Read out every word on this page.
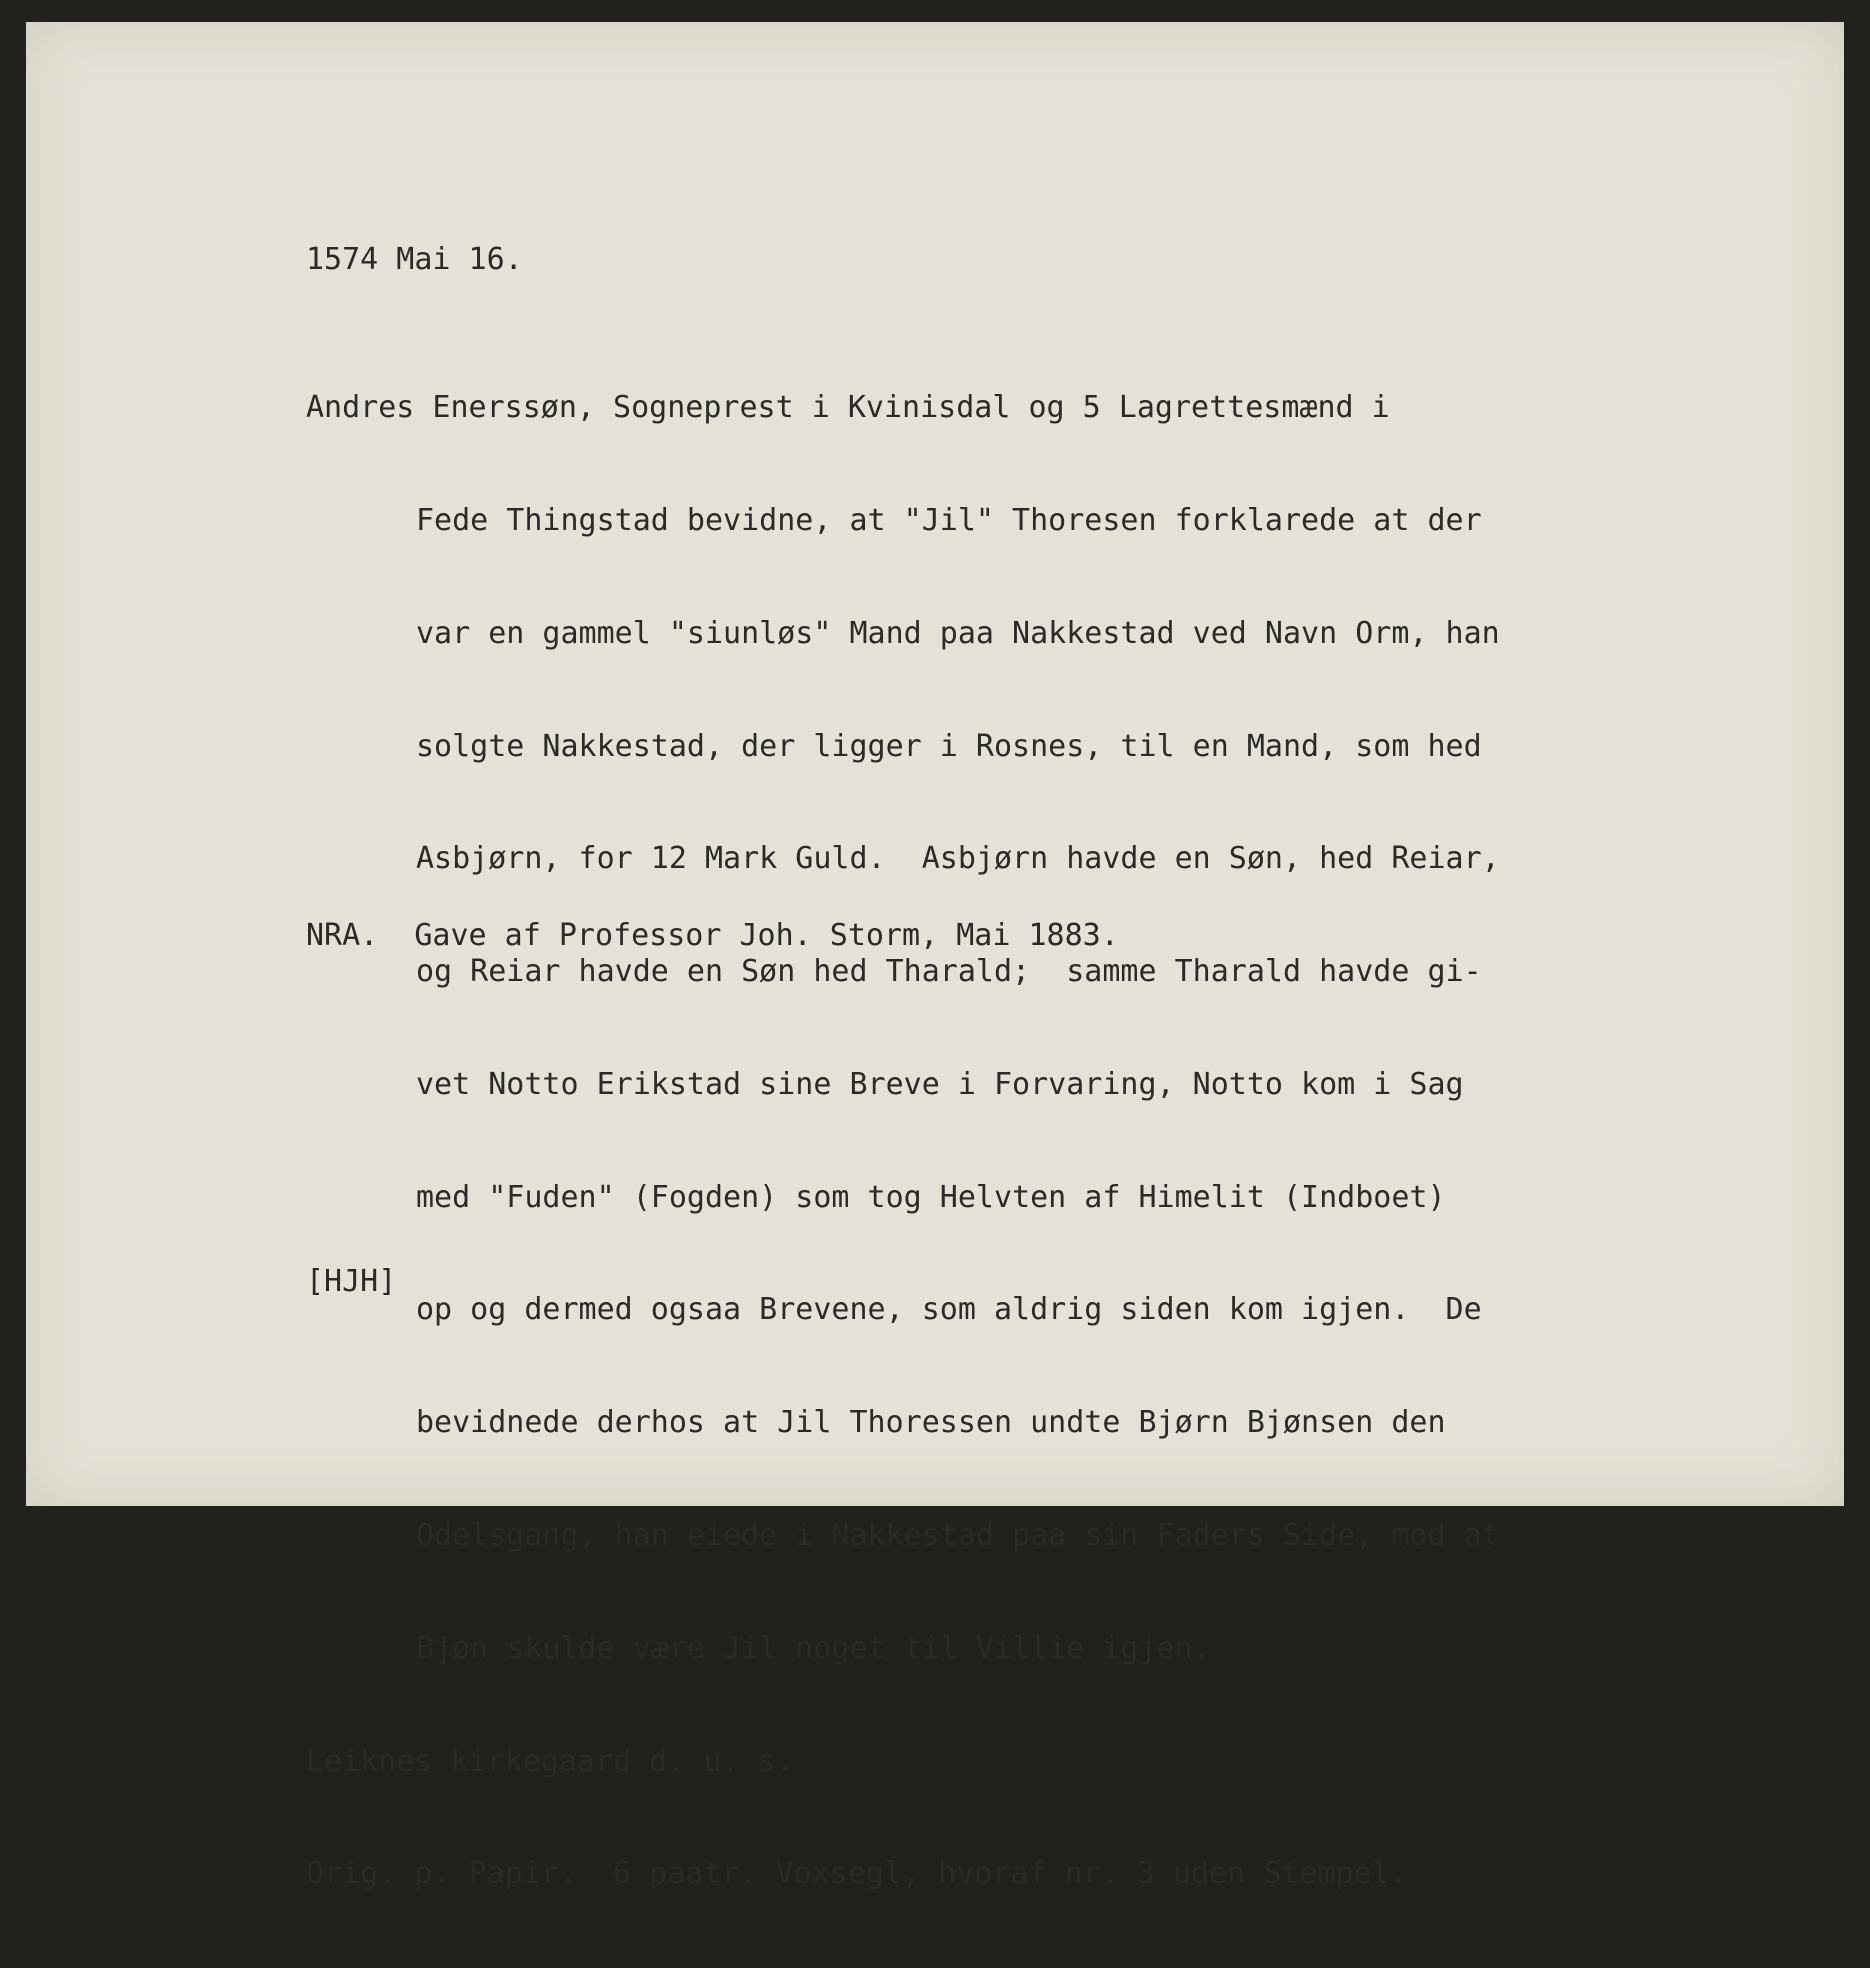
1574 Mai 16.

Andres Enerssøn, Sogneprest i Kvinisdal og 5 Lagrettesmænd i

Fede Thingstad bevidne, at "Jil" Thoresen forklarede at der

var en gammel "siunløs" Mand paa Nakkestad ved Navn Orm, han

solgte Nakkestad, der ligger i Rosnes, til en Mand, som hed

Asbjørn, for 12 Mark Guld.  Asbjørn havde en Søn, hed Reiar,

og Reiar havde en Søn hed Tharald;  samme Tharald havde gi-

vet Notto Erikstad sine Breve i Forvaring, Notto kom i Sag

med "Fuden" (Fogden) som tog Helvten af Himelit (Indboet)

op og dermed ogsaa Brevene, som aldrig siden kom igjen.  De

bevidnede derhos at Jil Thoressen undte Bjørn Bjønsen den

Odelsgang, han eiede i Nakkestad paa sin Faders Side, mod at

Bjøn skulde være Jil noget til Villie igjen.

Leiknes kirkegaard d. u. s.

Orig. p. Papir.  6 paatr. Voxsegl, hvoraf nr. 3 uden Stempel.

NRA.  Gave af Professor Joh. Storm, Mai 1883.

[HJH]
